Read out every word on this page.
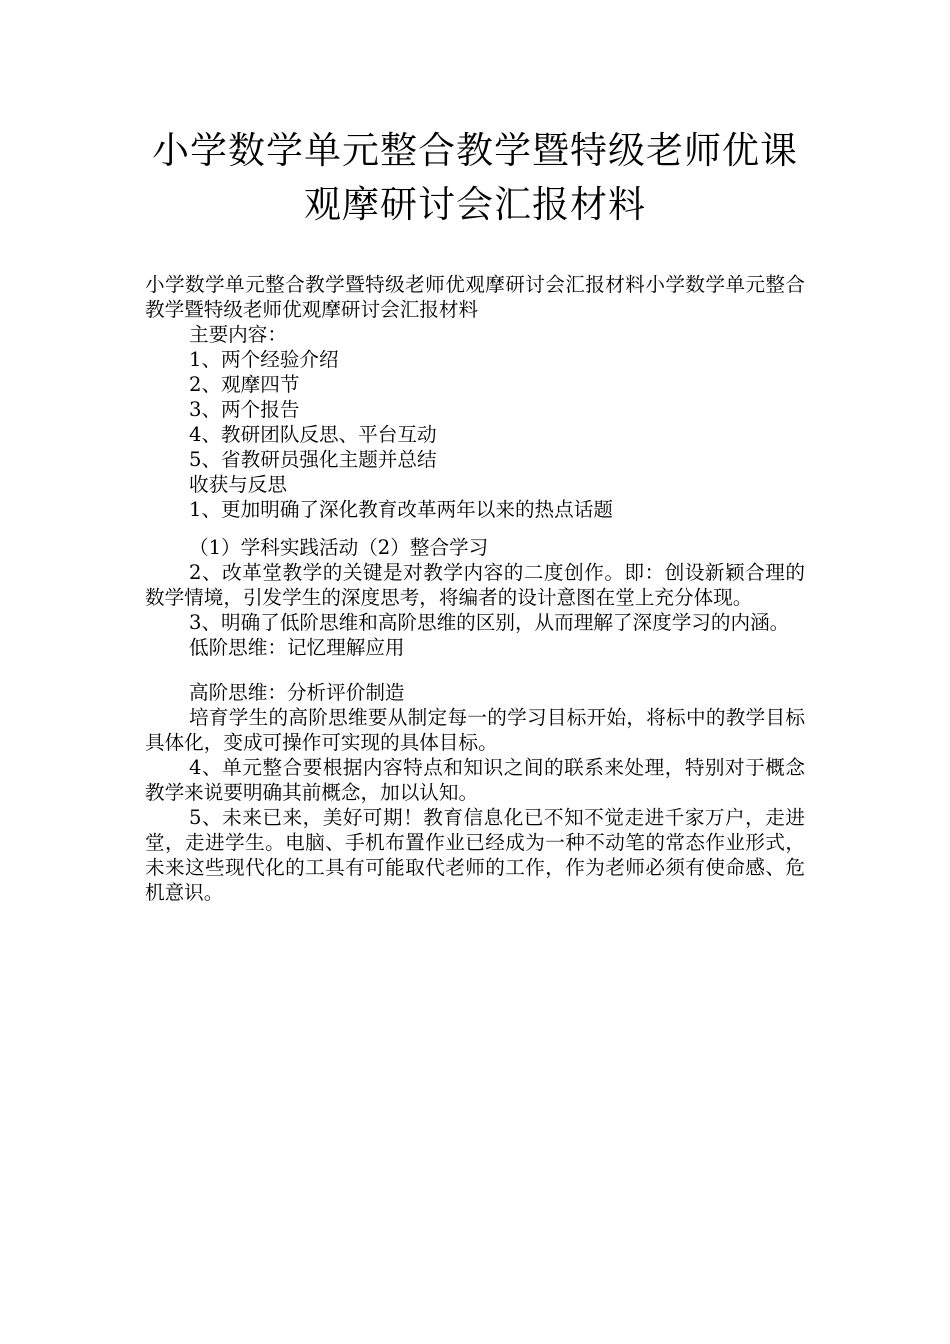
小学数学单元整合教学暨特级老师优课
观摩研讨会汇报材料

小学数学单元整合教学暨特级老师优观摩研讨会汇报材料小学数学单元整合教学暨特级老师优观摩研讨会汇报材料

主要内容：

1、两个经验介绍

2、观摩四节

3、两个报告

4、教研团队反思、平台互动

5、省教研员强化主题并总结

收获与反思

1、更加明确了深化教育改革两年以来的热点话题

（1）学科实践活动（2）整合学习

2、改革堂教学的关键是对教学内容的二度创作。即：创设新颖合理的数学情境，引发学生的深度思考，将编者的设计意图在堂上充分体现。

3、明确了低阶思维和高阶思维的区别，从而理解了深度学习的内涵。

低阶思维：记忆理解应用

高阶思维：分析评价制造

培育学生的高阶思维要从制定每一的学习目标开始，将标中的教学目标具体化，变成可操作可实现的具体目标。

4、单元整合要根据内容特点和知识之间的联系来处理，特别对于概念教学来说要明确其前概念，加以认知。

5、未来已来，美好可期！教育信息化已不知不觉走进千家万户，走进堂，走进学生。电脑、手机布置作业已经成为一种不动笔的常态作业形式，未来这些现代化的工具有可能取代老师的工作，作为老师必须有使命感、危机意识。
